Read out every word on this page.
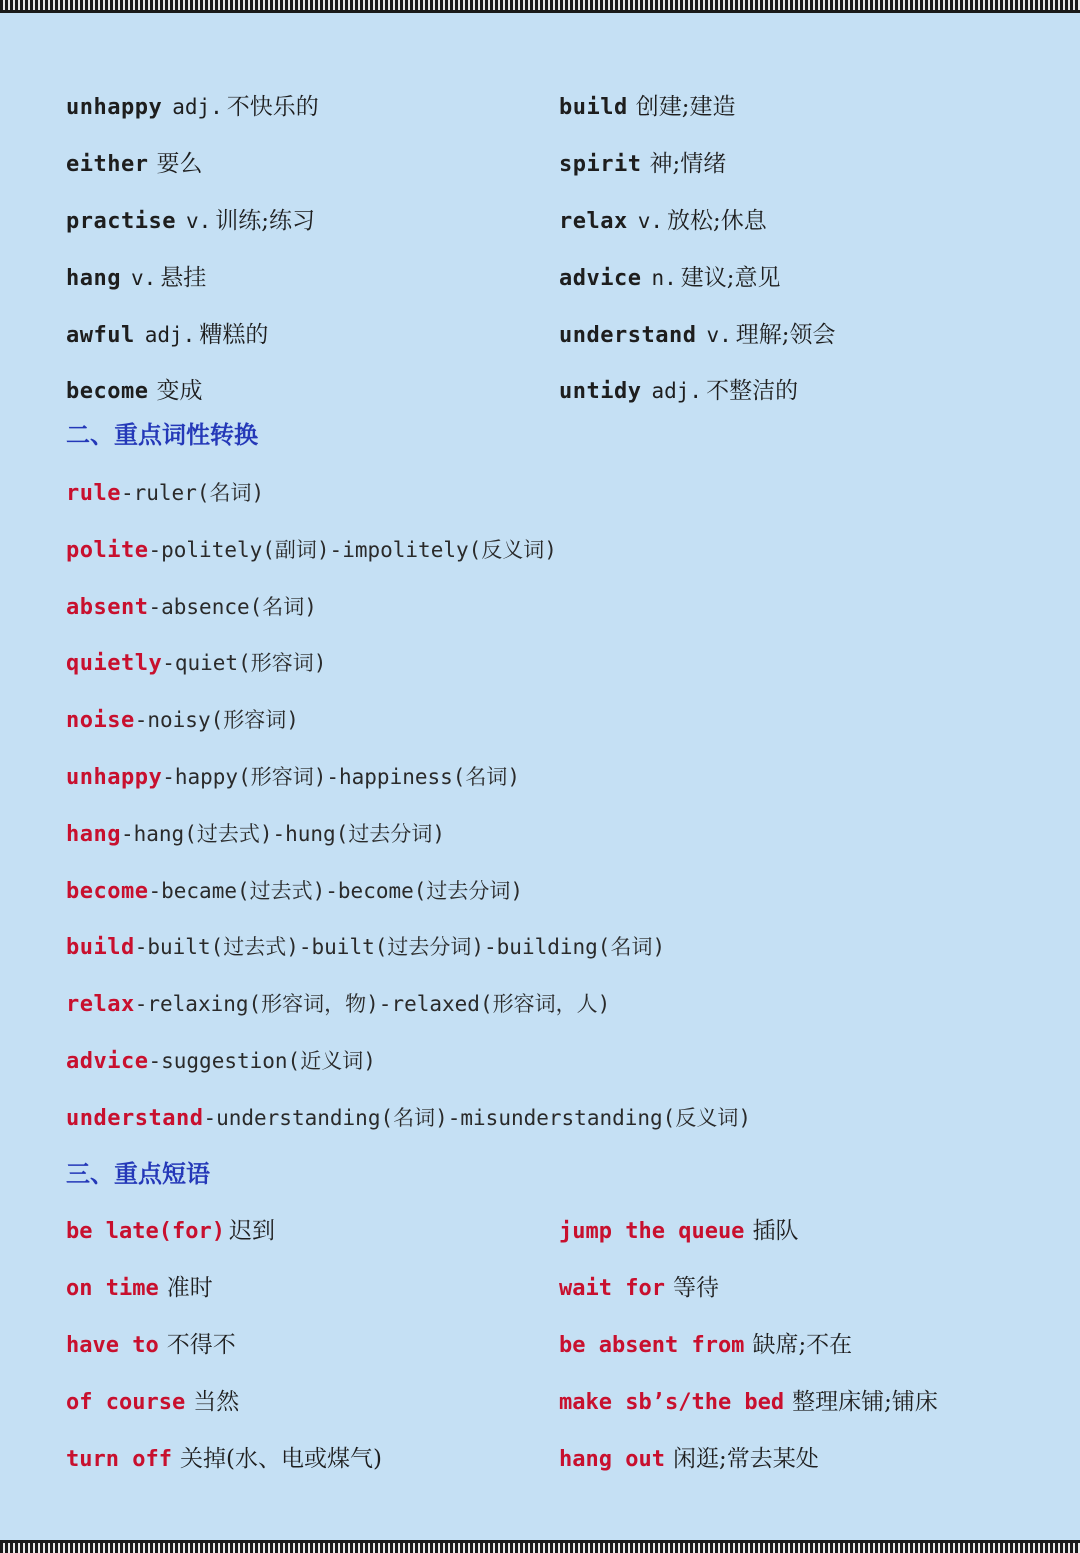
unhappy adj. 不快乐的	build 创建;建造
either 要么	spirit 神;情绪
practise v. 训练;练习	relax v. 放松;休息
hang v. 悬挂	advice n. 建议;意见
awful adj. 糟糕的	understand v. 理解;领会
become 变成	untidy adj. 不整洁的
二、重点词性转换
rule-ruler(名词)
polite-politely(副词)-impolitely(反义词)
absent-absence(名词)
quietly-quiet(形容词)
noise-noisy(形容词)
unhappy-happy(形容词)-happiness(名词)
hang-hang(过去式)-hung(过去分词)
become-became(过去式)-become(过去分词)
build-built(过去式)-built(过去分词)-building(名词)
relax-relaxing(形容词，物)-relaxed(形容词，人)
advice-suggestion(近义词)
understand-understanding(名词)-misunderstanding(反义词)
三、重点短语
be late(for) 迟到	jump the queue 插队
on time 准时	wait for 等待
have to 不得不	be absent from 缺席;不在
of course 当然	make sb’s/the bed 整理床铺;铺床
turn off 关掉(水、电或煤气)	hang out 闲逛;常去某处
